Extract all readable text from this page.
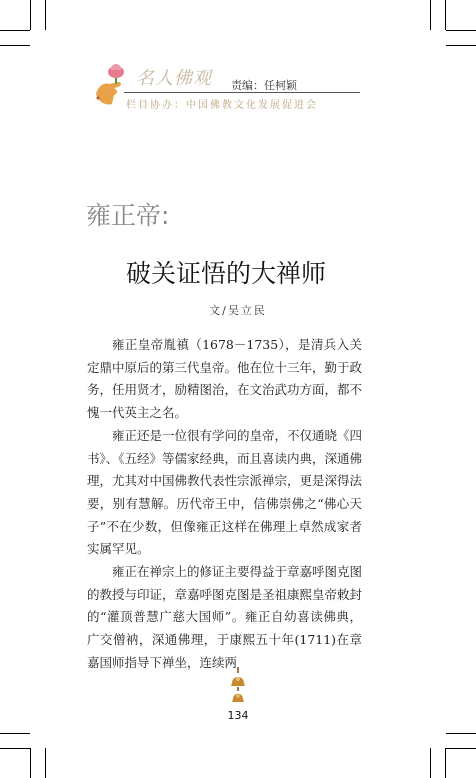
名人佛观 责编：任柯颖
栏目协办：中国佛教文化发展促进会
雍正帝:
破关证悟的大禅师
文/吴立民

雍正皇帝胤禛（1678－1735），是清兵入关定鼎中原后的第三代皇帝。他在位十三年，勤于政务，任用贤才，励精图治，在文治武功方面，都不愧一代英主之名。

雍正还是一位很有学问的皇帝，不仅通晓《四书》、《五经》等儒家经典，而且喜读内典，深通佛理，尤其对中国佛教代表性宗派禅宗，更是深得法要，别有慧解。历代帝王中，信佛崇佛之“佛心天子”不在少数，但像雍正这样在佛理上卓然成家者实属罕见。

雍正在禅宗上的修证主要得益于章嘉呼图克图的教授与印证，章嘉呼图克图是圣祖康熙皇帝敕封的“灌顶普慧广慈大国师”。雍正自幼喜读佛典，广交僧衲，深通佛理，于康熙五十年(1711)在章嘉国师指导下禅坐，连续两

134
